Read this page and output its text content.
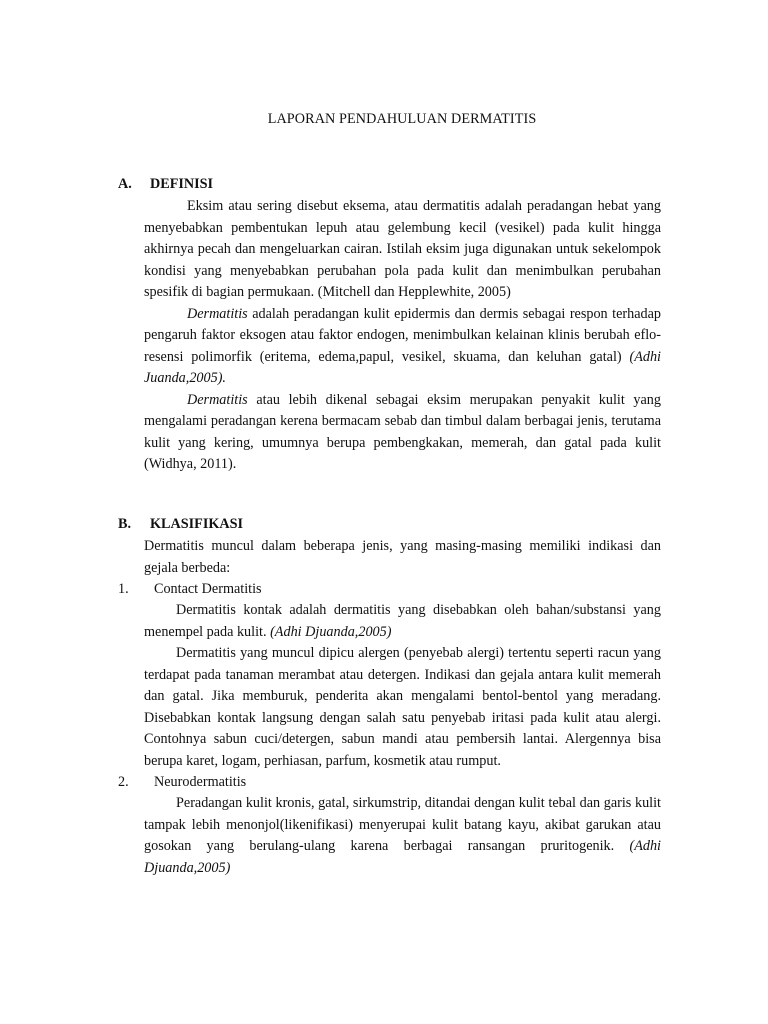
LAPORAN PENDAHULUAN DERMATITIS
A. DEFINISI

Eksim atau sering disebut eksema, atau dermatitis adalah peradangan hebat yang menyebabkan pembentukan lepuh atau gelembung kecil (vesikel) pada kulit hingga akhirnya pecah dan mengeluarkan cairan. Istilah eksim juga digunakan untuk sekelompok kondisi yang menyebabkan perubahan pola pada kulit dan menimbulkan perubahan spesifik di bagian permukaan. (Mitchell dan Hepplewhite, 2005)

Dermatitis adalah peradangan kulit epidermis dan dermis sebagai respon terhadap pengaruh faktor eksogen atau faktor endogen, menimbulkan kelainan klinis berubah eflo-resensi polimorfik (eritema, edema,papul, vesikel, skuama, dan keluhan gatal) (Adhi Juanda,2005).

Dermatitis atau lebih dikenal sebagai eksim merupakan penyakit kulit yang mengalami peradangan kerena bermacam sebab dan timbul dalam berbagai jenis, terutama kulit yang kering, umumnya berupa pembengkakan, memerah, dan gatal pada kulit (Widhya, 2011).

B. KLASIFIKASI

Dermatitis muncul dalam beberapa jenis, yang masing-masing memiliki indikasi dan gejala berbeda:

1. Contact Dermatitis

Dermatitis kontak adalah dermatitis yang disebabkan oleh bahan/substansi yang menempel pada kulit. (Adhi Djuanda,2005)

Dermatitis yang muncul dipicu alergen (penyebab alergi) tertentu seperti racun yang terdapat pada tanaman merambat atau detergen. Indikasi dan gejala antara kulit memerah dan gatal. Jika memburuk, penderita akan mengalami bentol-bentol yang meradang. Disebabkan kontak langsung dengan salah satu penyebab iritasi pada kulit atau alergi. Contohnya sabun cuci/detergen, sabun mandi atau pembersih lantai. Alergennya bisa berupa karet, logam, perhiasan, parfum, kosmetik atau rumput.

2. Neurodermatitis

Peradangan kulit kronis, gatal, sirkumstrip, ditandai dengan kulit tebal dan garis kulit tampak lebih menonjol(likenifikasi) menyerupai kulit batang kayu, akibat garukan atau gosokan yang berulang-ulang karena berbagai ransangan pruritogenik. (Adhi Djuanda,2005)
